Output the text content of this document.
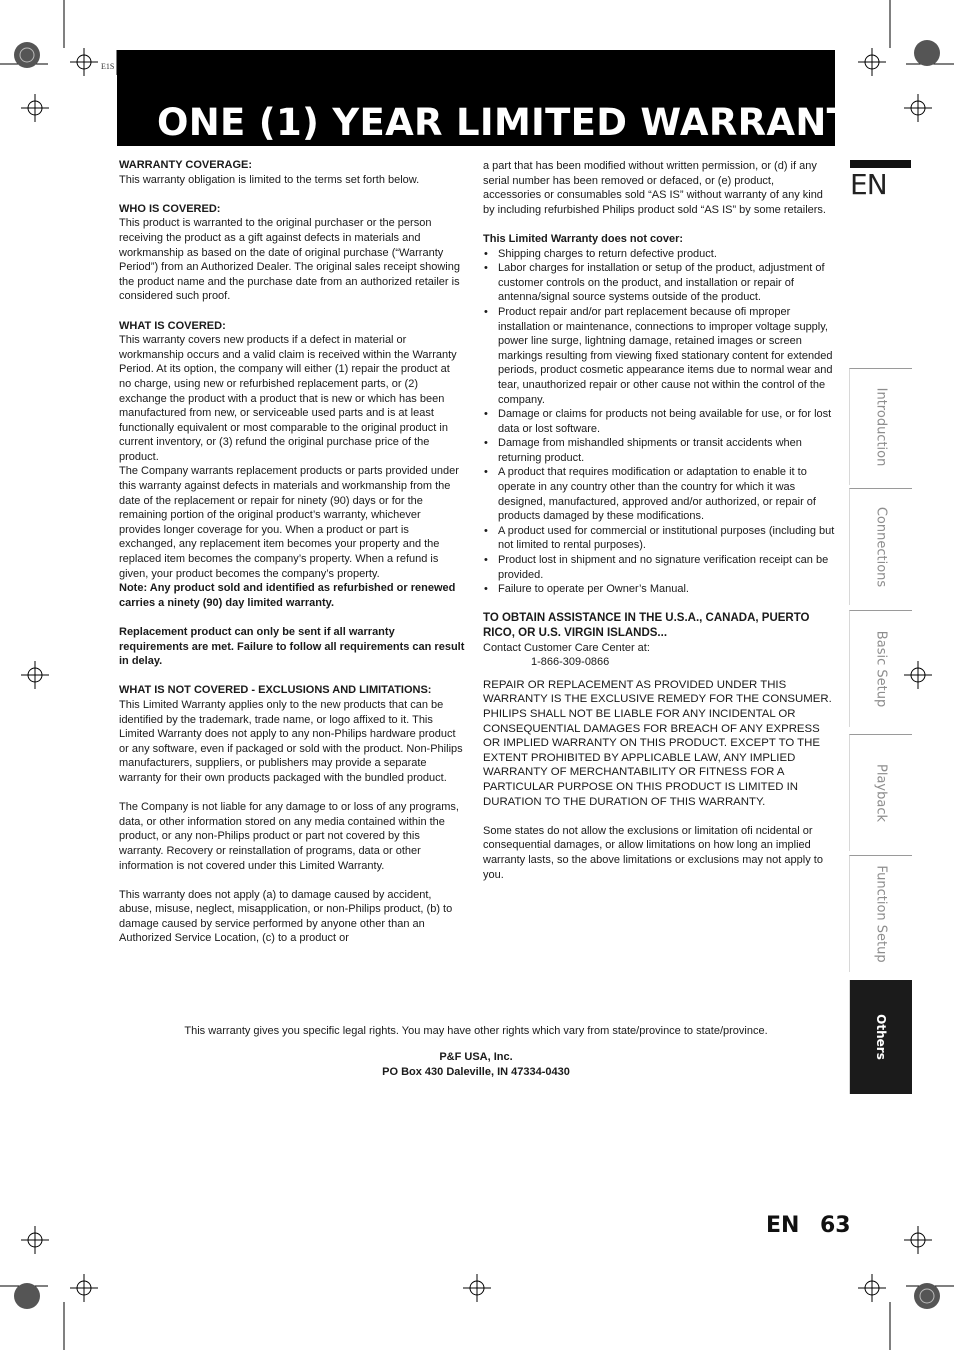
E1S
ONE (1) YEAR LIMITED WARRANTY
WARRANTY COVERAGE:

This warranty obligation is limited to the terms set forth below.

WHO IS COVERED:

This product is warranted to the original purchaser or the person receiving the product as a gift against defects in materials and workmanship as based on the date of original purchase (“Warranty Period”) from an Authorized Dealer. The original sales receipt showing the product name and the purchase date from an authorized retailer is considered such proof.

WHAT IS COVERED:

This warranty covers new products if a defect in material or workmanship occurs and a valid claim is received within the Warranty Period. At its option, the company will either (1) repair the product at no charge, using new or refurbished replacement parts, or (2) exchange the product with a product that is new or which has been manufactured from new, or serviceable used parts and is at least functionally equivalent or most comparable to the original product in current inventory, or (3) refund the original purchase price of the product.

The Company warrants replacement products or parts provided under this warranty against defects in materials and workmanship from the date of the replacement or repair for ninety (90) days or for the remaining portion of the original product’s warranty, whichever provides longer coverage for you. When a product or part is exchanged, any replacement item becomes your property and the replaced item becomes the company’s property. When a refund is given, your product becomes the company’s property.

Note: Any product sold and identified as refurbished or renewed carries a ninety (90) day limited warranty.

Replacement product can only be sent if all warranty requirements are met. Failure to follow all requirements can result in delay.

WHAT IS NOT COVERED - EXCLUSIONS AND LIMITATIONS:

This Limited Warranty applies only to the new products that can be identified by the trademark, trade name, or logo affixed to it. This Limited Warranty does not apply to any non-Philips hardware product or any software, even if packaged or sold with the product. Non-Philips manufacturers, suppliers, or publishers may provide a separate warranty for their own products packaged with the bundled product.

The Company is not liable for any damage to or loss of any programs, data, or other information stored on any media contained within the product, or any non-Philips product or part not covered by this warranty. Recovery or reinstallation of programs, data or other information is not covered under this Limited Warranty.

This warranty does not apply (a) to damage caused by accident, abuse, misuse, neglect, misapplication, or non-Philips product, (b) to damage caused by service performed by anyone other than an Authorized Service Location, (c) to a product or

a part that has been modified without written permission, or (d) if any serial number has been removed or defaced, or (e) product, accessories or consumables sold “AS IS” without warranty of any kind by including refurbished Philips product sold “AS IS” by some retailers.

This Limited Warranty does not cover:
• Shipping charges to return defective product.
• Labor charges for installation or setup of the product, adjustment of customer controls on the product, and installation or repair of antenna/signal source systems outside of the product.
• Product repair and/or part replacement because ofi mproper installation or maintenance, connections to improper voltage supply, power line surge, lightning damage, retained images or screen markings resulting from viewing fixed stationary content for extended periods, product cosmetic appearance items due to normal wear and tear, unauthorized repair or other cause not within the control of the company.
• Damage or claims for products not being available for use, or for lost data or lost software.
• Damage from mishandled shipments or transit accidents when returning product.
• A product that requires modification or adaptation to enable it to operate in any country other than the country for which it was designed, manufactured, approved and/or authorized, or repair of products damaged by these modifications.
• A product used for commercial or institutional purposes (including but not limited to rental purposes).
• Product lost in shipment and no signature verification receipt can be provided.
• Failure to operate per Owner’s Manual.
TO OBTAIN ASSISTANCE IN THE U.S.A., CANADA, PUERTO RICO, OR U.S. VIRGIN ISLANDS...

Contact Customer Care Center at:

1-866-309-0866

REPAIR OR REPLACEMENT AS PROVIDED UNDER THIS WARRANTY IS THE EXCLUSIVE REMEDY FOR THE CONSUMER. PHILIPS SHALL NOT BE LIABLE FOR ANY INCIDENTAL OR CONSEQUENTIAL DAMAGES FOR BREACH OF ANY EXPRESS OR IMPLIED WARRANTY ON THIS PRODUCT. EXCEPT TO THE EXTENT PROHIBITED BY APPLICABLE LAW, ANY IMPLIED WARRANTY OF MERCHANTABILITY OR FITNESS FOR A PARTICULAR PURPOSE ON THIS PRODUCT IS LIMITED IN DURATION TO THE DURATION OF THIS WARRANTY.

Some states do not allow the exclusions or limitation ofi ncidental or consequential damages, or allow limitations on how long an implied warranty lasts, so the above limitations or exclusions may not apply to you.

This warranty gives you specific legal rights. You may have other rights which vary from state/province to state/province.
P&F USA, Inc.
PO Box 430 Daleville, IN 47334-0430
EN
Introduction
Connections
Basic Setup
Playback
Function Setup
Others
EN 63
